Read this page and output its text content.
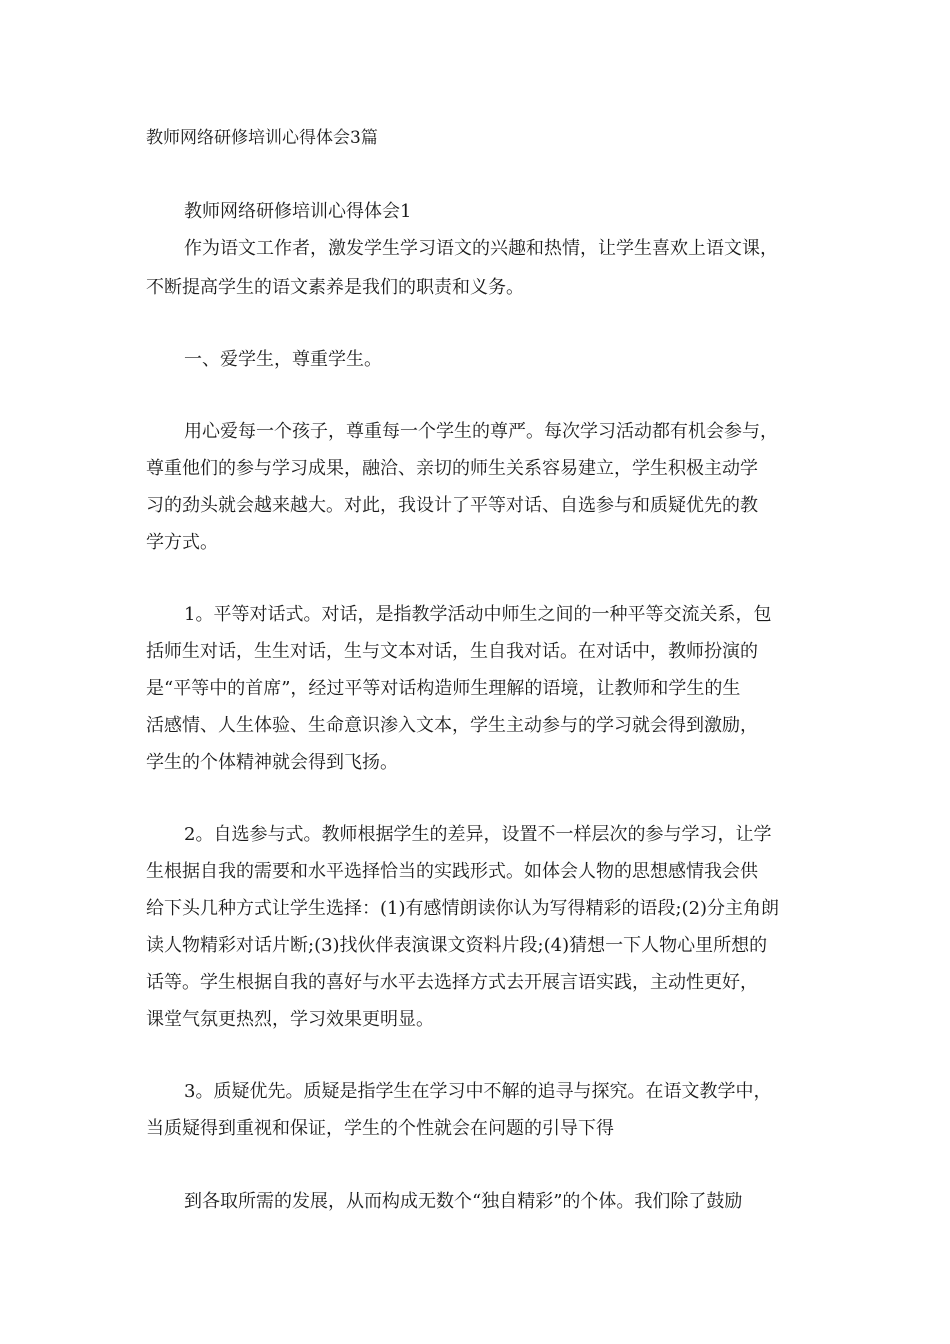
教师网络研修培训心得体会3篇
教师网络研修培训心得体会1
作为语文工作者，激发学生学习语文的兴趣和热情，让学生喜欢上语文课，
不断提高学生的语文素养是我们的职责和义务。
一、爱学生，尊重学生。
用心爱每一个孩子，尊重每一个学生的尊严。每次学习活动都有机会参与，
尊重他们的参与学习成果，融洽、亲切的师生关系容易建立，学生积极主动学
习的劲头就会越来越大。对此，我设计了平等对话、自选参与和质疑优先的教
学方式。
1。平等对话式。对话，是指教学活动中师生之间的一种平等交流关系，包
括师生对话，生生对话，生与文本对话，生自我对话。在对话中，教师扮演的
是“平等中的首席”，经过平等对话构造师生理解的语境，让教师和学生的生
活感情、人生体验、生命意识渗入文本，学生主动参与的学习就会得到激励，
学生的个体精神就会得到飞扬。
2。自选参与式。教师根据学生的差异，设置不一样层次的参与学习，让学
生根据自我的需要和水平选择恰当的实践形式。如体会人物的思想感情我会供
给下头几种方式让学生选择：(1)有感情朗读你认为写得精彩的语段;(2)分主角朗
读人物精彩对话片断;(3)找伙伴表演课文资料片段;(4)猜想一下人物心里所想的
话等。学生根据自我的喜好与水平去选择方式去开展言语实践，主动性更好，
课堂气氛更热烈，学习效果更明显。
3。质疑优先。质疑是指学生在学习中不解的追寻与探究。在语文教学中，
当质疑得到重视和保证，学生的个性就会在问题的引导下得
到各取所需的发展，从而构成无数个“独自精彩”的个体。我们除了鼓励
